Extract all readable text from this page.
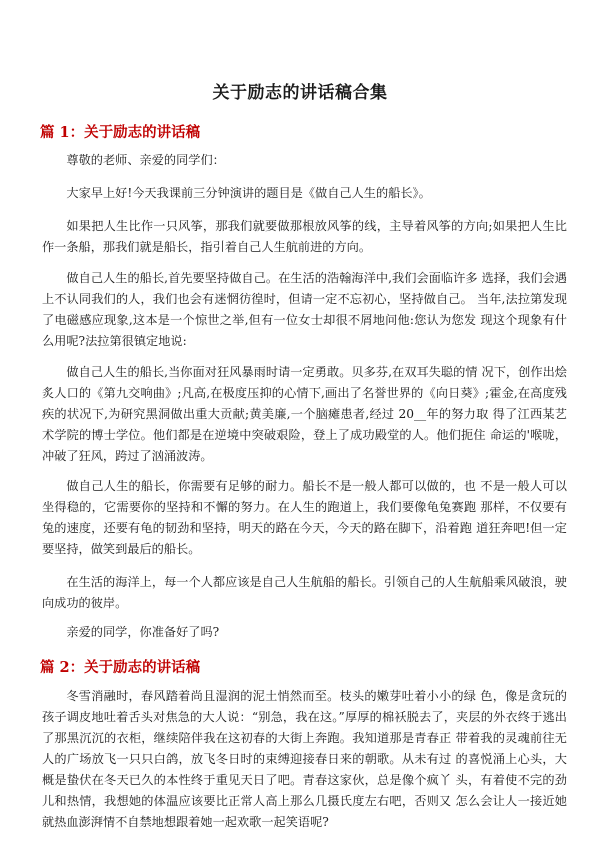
关于励志的讲话稿合集
篇 1：关于励志的讲话稿

尊敬的老师、亲爱的同学们：

大家早上好!今天我课前三分钟演讲的题目是《做自己人生的船长》。

如果把人生比作一只风筝，那我们就要做那根放风筝的线，主导着风筝的方向;如果把人生比作一条船，那我们就是船长，指引着自己人生航前进的方向。

做自己人生的船长,首先要坚持做自己。在生活的浩翰海洋中,我们会面临许多 选择，我们会遇上不认同我们的人，我们也会有迷惘彷徨时，但请一定不忘初心，坚持做自己。 当年,法拉第发现了电磁感应现象,这本是一个惊世之举,但有一位女士却很不屑地问他:您认为您发 现这个现象有什么用呢?法拉第很镇定地说:

做自己人生的船长,当你面对狂风暴雨时请一定勇敢。贝多芬,在双耳失聪的情 况下，创作出烩炙人口的《第九交响曲》;凡高,在极度压抑的心情下,画出了名誉世界的《向日葵》;霍金,在高度残疾的状况下,为研究黑洞做出重大贡献;黄美廉,一个脑瘫患者,经过 20__年的努力取 得了江西某艺术学院的博士学位。他们都是在逆境中突破艰险，登上了成功殿堂的人。他们扼住 命运的'喉咙，冲破了狂风，跨过了汹涌波涛。

做自己人生的船长，你需要有足够的耐力。船长不是一般人都可以做的，也 不是一般人可以坐得稳的，它需要你的坚持和不懈的努力。在人生的跑道上，我们要像龟兔赛跑 那样，不仅要有兔的速度，还要有龟的韧劲和坚持，明天的路在今天，今天的路在脚下，沿着跑 道狂奔吧!但一定要坚持，做笑到最后的船长。

在生活的海洋上，每一个人都应该是自己人生航船的船长。引领自己的人生航船乘风破浪，驶向成功的彼岸。

亲爱的同学，你准备好了吗?

篇 2：关于励志的讲话稿

冬雪消融时，春风踏着尚且湿润的泥土悄然而至。枝头的嫩芽吐着小小的绿 色，像是贪玩的孩子调皮地吐着舌头对焦急的大人说：“别急，我在这。”厚厚的棉袄脱去了，夹层的外衣终于逃出了那黑沉沉的衣柜，继续陪伴我在这初春的大街上奔跑。我知道那是青春正 带着我的灵魂前往无人的广场放飞一只只白鸽，放飞冬日时的束缚迎接春日来的朝歌。从未有过 的喜悦涌上心头，大概是蛰伏在冬天已久的本性终于重见天日了吧。青春这家伙，总是像个疯丫 头，有着使不完的劲儿和热情，我想她的体温应该要比正常人高上那么几摄氏度左右吧，否则又 怎么会让人一接近她就热血澎湃情不自禁地想跟着她一起欢歌一起笑语呢?
